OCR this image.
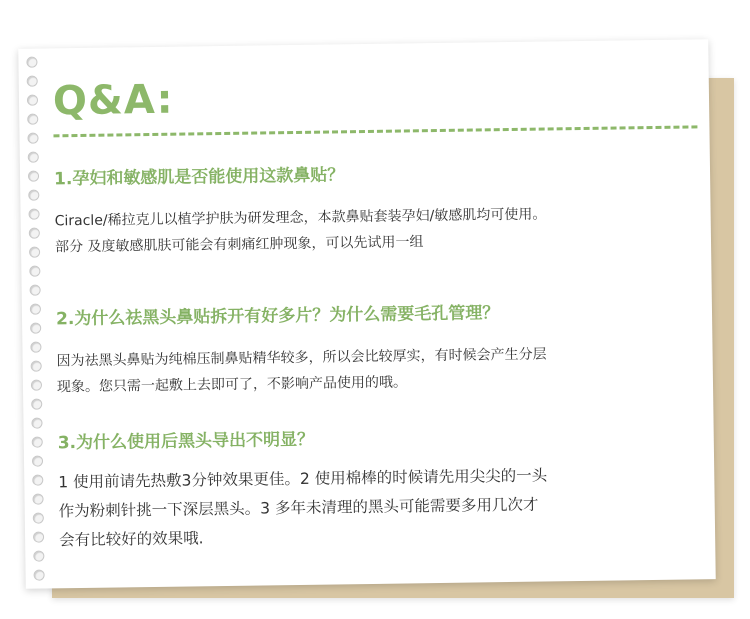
Q&A:
1.孕妇和敏感肌是否能使用这款鼻贴？
Ciracle/稀拉克儿以植学护肤为研发理念，本款鼻贴套装孕妇/敏感肌均可使用。
部分 及度敏感肌肤可能会有刺痛红肿现象，可以先试用一组
2.为什么祛黑头鼻贴拆开有好多片？为什么需要毛孔管理？
因为祛黑头鼻贴为纯棉压制鼻贴精华较多，所以会比较厚实，有时候会产生分层
现象。您只需一起敷上去即可了，不影响产品使用的哦。
3.为什么使用后黑头导出不明显？
1 使用前请先热敷3分钟效果更佳。2 使用棉棒的时候请先用尖尖的一头
作为粉刺针挑一下深层黑头。3 多年未清理的黑头可能需要多用几次才
会有比较好的效果哦.
